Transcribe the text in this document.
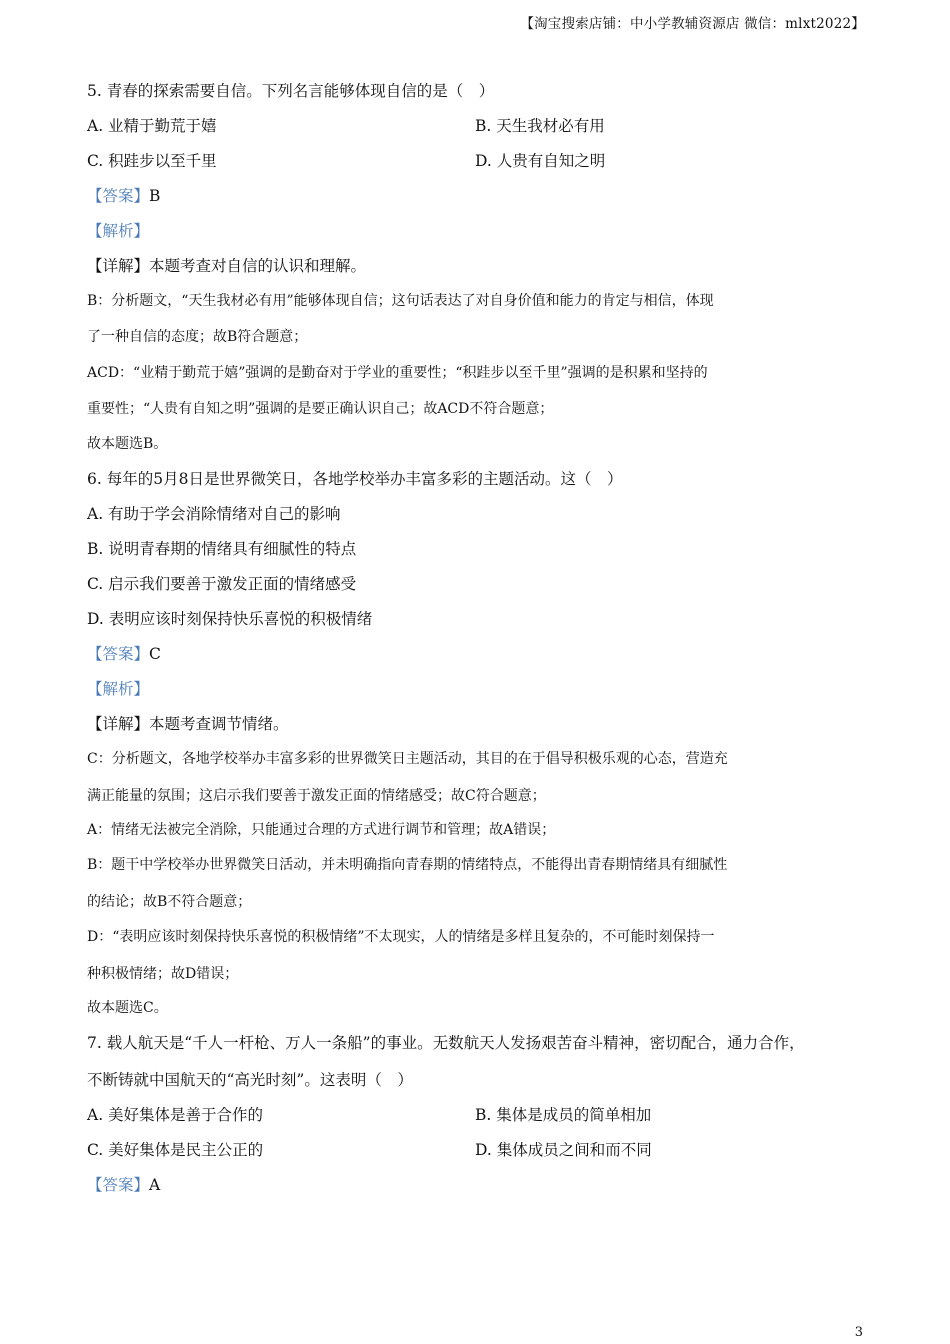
【淘宝搜索店铺：中小学教辅资源店 微信：mlxt2022】
5. 青春的探索需要自信。下列名言能够体现自信的是（　）
A. 业精于勤荒于嬉	B. 天生我材必有用
C. 积跬步以至千里	D. 人贵有自知之明
【答案】B
【解析】
【详解】本题考查对自信的认识和理解。
B：分析题文，“天生我材必有用”能够体现自信；这句话表达了对自身价值和能力的肯定与相信，体现
了一种自信的态度；故B符合题意；
ACD：“业精于勤荒于嬉”强调的是勤奋对于学业的重要性；“积跬步以至千里”强调的是积累和坚持的
重要性；“人贵有自知之明”强调的是要正确认识自己；故ACD不符合题意；
故本题选B。
6. 每年的5月8日是世界微笑日，各地学校举办丰富多彩的主题活动。这（　）
A. 有助于学会消除情绪对自己的影响
B. 说明青春期的情绪具有细腻性的特点
C. 启示我们要善于激发正面的情绪感受
D. 表明应该时刻保持快乐喜悦的积极情绪
【答案】C
【解析】
【详解】本题考查调节情绪。
C：分析题文，各地学校举办丰富多彩的世界微笑日主题活动，其目的在于倡导积极乐观的心态，营造充
满正能量的氛围；这启示我们要善于激发正面的情绪感受；故C符合题意；
A：情绪无法被完全消除，只能通过合理的方式进行调节和管理；故A错误；
B：题干中学校举办世界微笑日活动，并未明确指向青春期的情绪特点，不能得出青春期情绪具有细腻性
的结论；故B不符合题意；
D：“表明应该时刻保持快乐喜悦的积极情绪”不太现实，人的情绪是多样且复杂的，不可能时刻保持一
种积极情绪；故D错误；
故本题选C。
7. 载人航天是“千人一杆枪、万人一条船”的事业。无数航天人发扬艰苦奋斗精神，密切配合，通力合作，
不断铸就中国航天的“高光时刻”。这表明（　）
A. 美好集体是善于合作的	B. 集体是成员的简单相加
C. 美好集体是民主公正的	D. 集体成员之间和而不同
【答案】A
3
